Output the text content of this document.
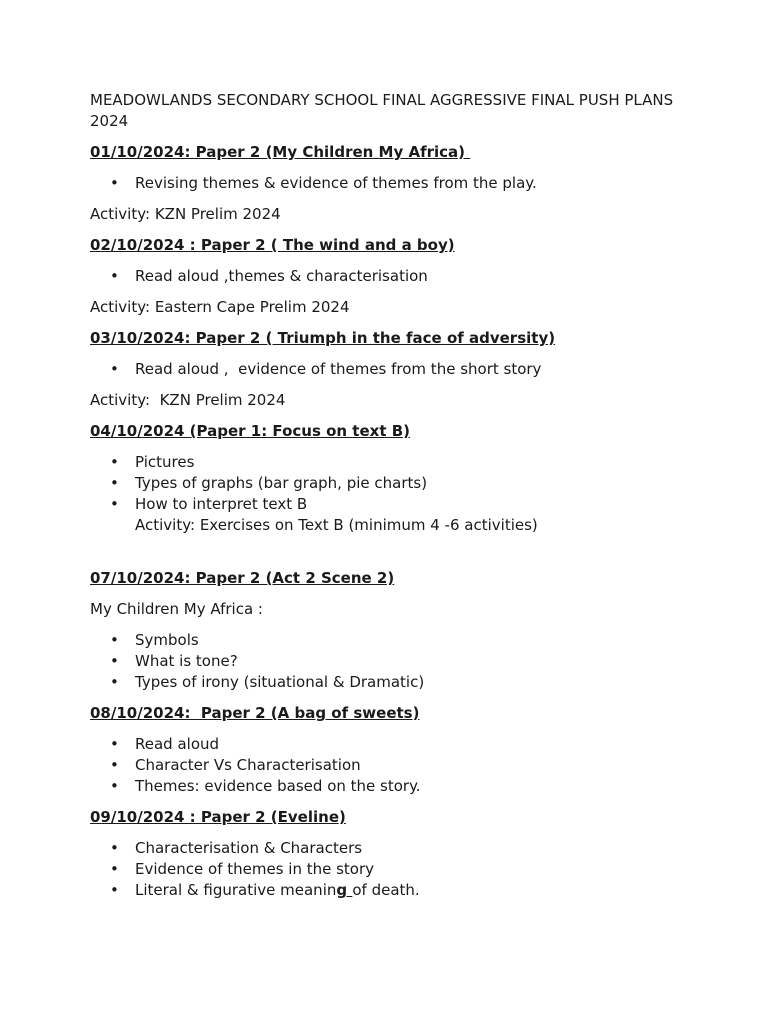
MEADOWLANDS SECONDARY SCHOOL FINAL AGGRESSIVE FINAL PUSH PLANS 2024

01/10/2024: Paper 2 (My Children My Africa)

• Revising themes & evidence of themes from the play.

Activity: KZN Prelim 2024

02/10/2024 : Paper 2 ( The wind and a boy)

• Read aloud ,themes & characterisation

Activity: Eastern Cape Prelim 2024

03/10/2024: Paper 2 ( Triumph in the face of adversity)

• Read aloud ,  evidence of themes from the short story

Activity:  KZN Prelim 2024

04/10/2024 (Paper 1: Focus on text B)

• Pictures
• Types of graphs (bar graph, pie charts)
• How to interpret text B

Activity: Exercises on Text B (minimum 4 -6 activities)

07/10/2024: Paper 2 (Act 2 Scene 2)

My Children My Africa :

• Symbols
• What is tone?
• Types of irony (situational & Dramatic)

08/10/2024:  Paper 2 (A bag of sweets)

• Read aloud
• Character Vs Characterisation
• Themes: evidence based on the story.

09/10/2024 : Paper 2 (Eveline)

• Characterisation & Characters
• Evidence of themes in the story
• Literal & figurative meaning of death.
